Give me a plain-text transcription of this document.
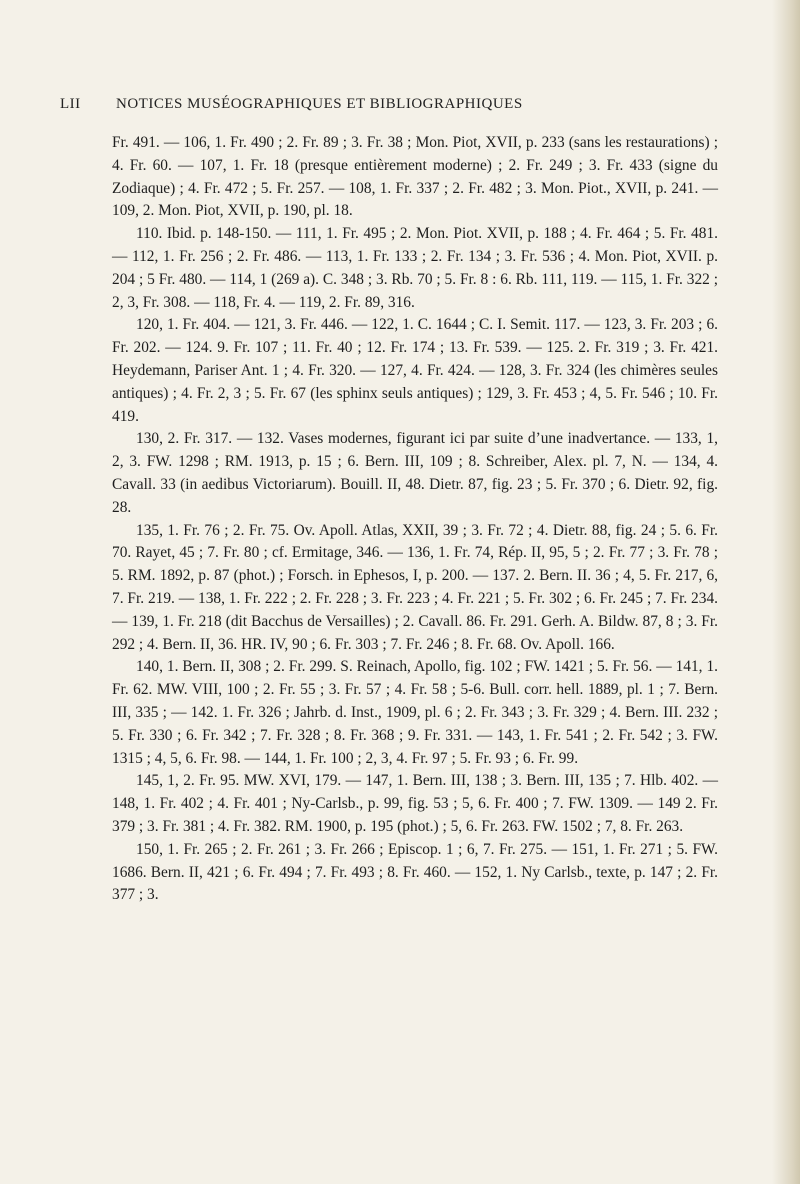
LII NOTICES MUSÉOGRAPHIQUES ET BIBLIOGRAPHIQUES

Fr. 491. — 106, 1. Fr. 490 ; 2. Fr. 89 ; 3. Fr. 38 ; Mon. Piot, XVII, p. 233 (sans les restaurations) ; 4. Fr. 60. — 107, 1. Fr. 18 (presque entièrement moderne) ; 2. Fr. 249 ; 3. Fr. 433 (signe du Zodiaque) ; 4. Fr. 472 ; 5. Fr. 257. — 108, 1. Fr. 337 ; 2. Fr. 482 ; 3. Mon. Piot., XVII, p. 241. — 109, 2. Mon. Piot, XVII, p. 190, pl. 18.

110. Ibid. p. 148-150. — 111, 1. Fr. 495 ; 2. Mon. Piot. XVII, p. 188 ; 4. Fr. 464 ; 5. Fr. 481. — 112, 1. Fr. 256 ; 2. Fr. 486. — 113, 1. Fr. 133 ; 2. Fr. 134 ; 3. Fr. 536 ; 4. Mon. Piot, XVII. p. 204 ; 5 Fr. 480. — 114, 1 (269 a). C. 348 ; 3. Rb. 70 ; 5. Fr. 8 : 6. Rb. 111, 119. — 115, 1. Fr. 322 ; 2, 3, Fr. 308. — 118, Fr. 4. — 119, 2. Fr. 89, 316.

120, 1. Fr. 404. — 121, 3. Fr. 446. — 122, 1. C. 1644 ; C. I. Semit. 117. — 123, 3. Fr. 203 ; 6. Fr. 202. — 124. 9. Fr. 107 ; 11. Fr. 40 ; 12. Fr. 174 ; 13. Fr. 539. — 125. 2. Fr. 319 ; 3. Fr. 421. Heydemann, Pariser Ant. 1 ; 4. Fr. 320. — 127, 4. Fr. 424. — 128, 3. Fr. 324 (les chimères seules antiques) ; 4. Fr. 2, 3 ; 5. Fr. 67 (les sphinx seuls antiques) ; 129, 3. Fr. 453 ; 4, 5. Fr. 546 ; 10. Fr. 419.

130, 2. Fr. 317. — 132. Vases modernes, figurant ici par suite d’une inadvertance. — 133, 1, 2, 3. FW. 1298 ; RM. 1913, p. 15 ; 6. Bern. III, 109 ; 8. Schreiber, Alex. pl. 7, N. — 134, 4. Cavall. 33 (in aedibus Victoriarum). Bouill. II, 48. Dietr. 87, fig. 23 ; 5. Fr. 370 ; 6. Dietr. 92, fig. 28.

135, 1. Fr. 76 ; 2. Fr. 75. Ov. Apoll. Atlas, XXII, 39 ; 3. Fr. 72 ; 4. Dietr. 88, fig. 24 ; 5. 6. Fr. 70. Rayet, 45 ; 7. Fr. 80 ; cf. Ermitage, 346. — 136, 1. Fr. 74, Rép. II, 95, 5 ; 2. Fr. 77 ; 3. Fr. 78 ; 5. RM. 1892, p. 87 (phot.) ; Forsch. in Ephesos, I, p. 200. — 137. 2. Bern. II. 36 ; 4, 5. Fr. 217, 6, 7. Fr. 219. — 138, 1. Fr. 222 ; 2. Fr. 228 ; 3. Fr. 223 ; 4. Fr. 221 ; 5. Fr. 302 ; 6. Fr. 245 ; 7. Fr. 234. — 139, 1. Fr. 218 (dit Bacchus de Versailles) ; 2. Cavall. 86. Fr. 291. Gerh. A. Bildw. 87, 8 ; 3. Fr. 292 ; 4. Bern. II, 36. HR. IV, 90 ; 6. Fr. 303 ; 7. Fr. 246 ; 8. Fr. 68. Ov. Apoll. 166.

140, 1. Bern. II, 308 ; 2. Fr. 299. S. Reinach, Apollo, fig. 102 ; FW. 1421 ; 5. Fr. 56. — 141, 1. Fr. 62. MW. VIII, 100 ; 2. Fr. 55 ; 3. Fr. 57 ; 4. Fr. 58 ; 5-6. Bull. corr. hell. 1889, pl. 1 ; 7. Bern. III, 335 ; — 142. 1. Fr. 326 ; Jahrb. d. Inst., 1909, pl. 6 ; 2. Fr. 343 ; 3. Fr. 329 ; 4. Bern. III. 232 ; 5. Fr. 330 ; 6. Fr. 342 ; 7. Fr. 328 ; 8. Fr. 368 ; 9. Fr. 331. — 143, 1. Fr. 541 ; 2. Fr. 542 ; 3. FW. 1315 ; 4, 5, 6. Fr. 98. — 144, 1. Fr. 100 ; 2, 3, 4. Fr. 97 ; 5. Fr. 93 ; 6. Fr. 99.

145, 1, 2. Fr. 95. MW. XVI, 179. — 147, 1. Bern. III, 138 ; 3. Bern. III, 135 ; 7. Hlb. 402. — 148, 1. Fr. 402 ; 4. Fr. 401 ; Ny-Carlsb., p. 99, fig. 53 ; 5, 6. Fr. 400 ; 7. FW. 1309. — 149 2. Fr. 379 ; 3. Fr. 381 ; 4. Fr. 382. RM. 1900, p. 195 (phot.) ; 5, 6. Fr. 263. FW. 1502 ; 7, 8. Fr. 263.

150, 1. Fr. 265 ; 2. Fr. 261 ; 3. Fr. 266 ; Episcop. 1 ; 6, 7. Fr. 275. — 151, 1. Fr. 271 ; 5. FW. 1686. Bern. II, 421 ; 6. Fr. 494 ; 7. Fr. 493 ; 8. Fr. 460. — 152, 1. Ny Carlsb., texte, p. 147 ; 2. Fr. 377 ; 3.
